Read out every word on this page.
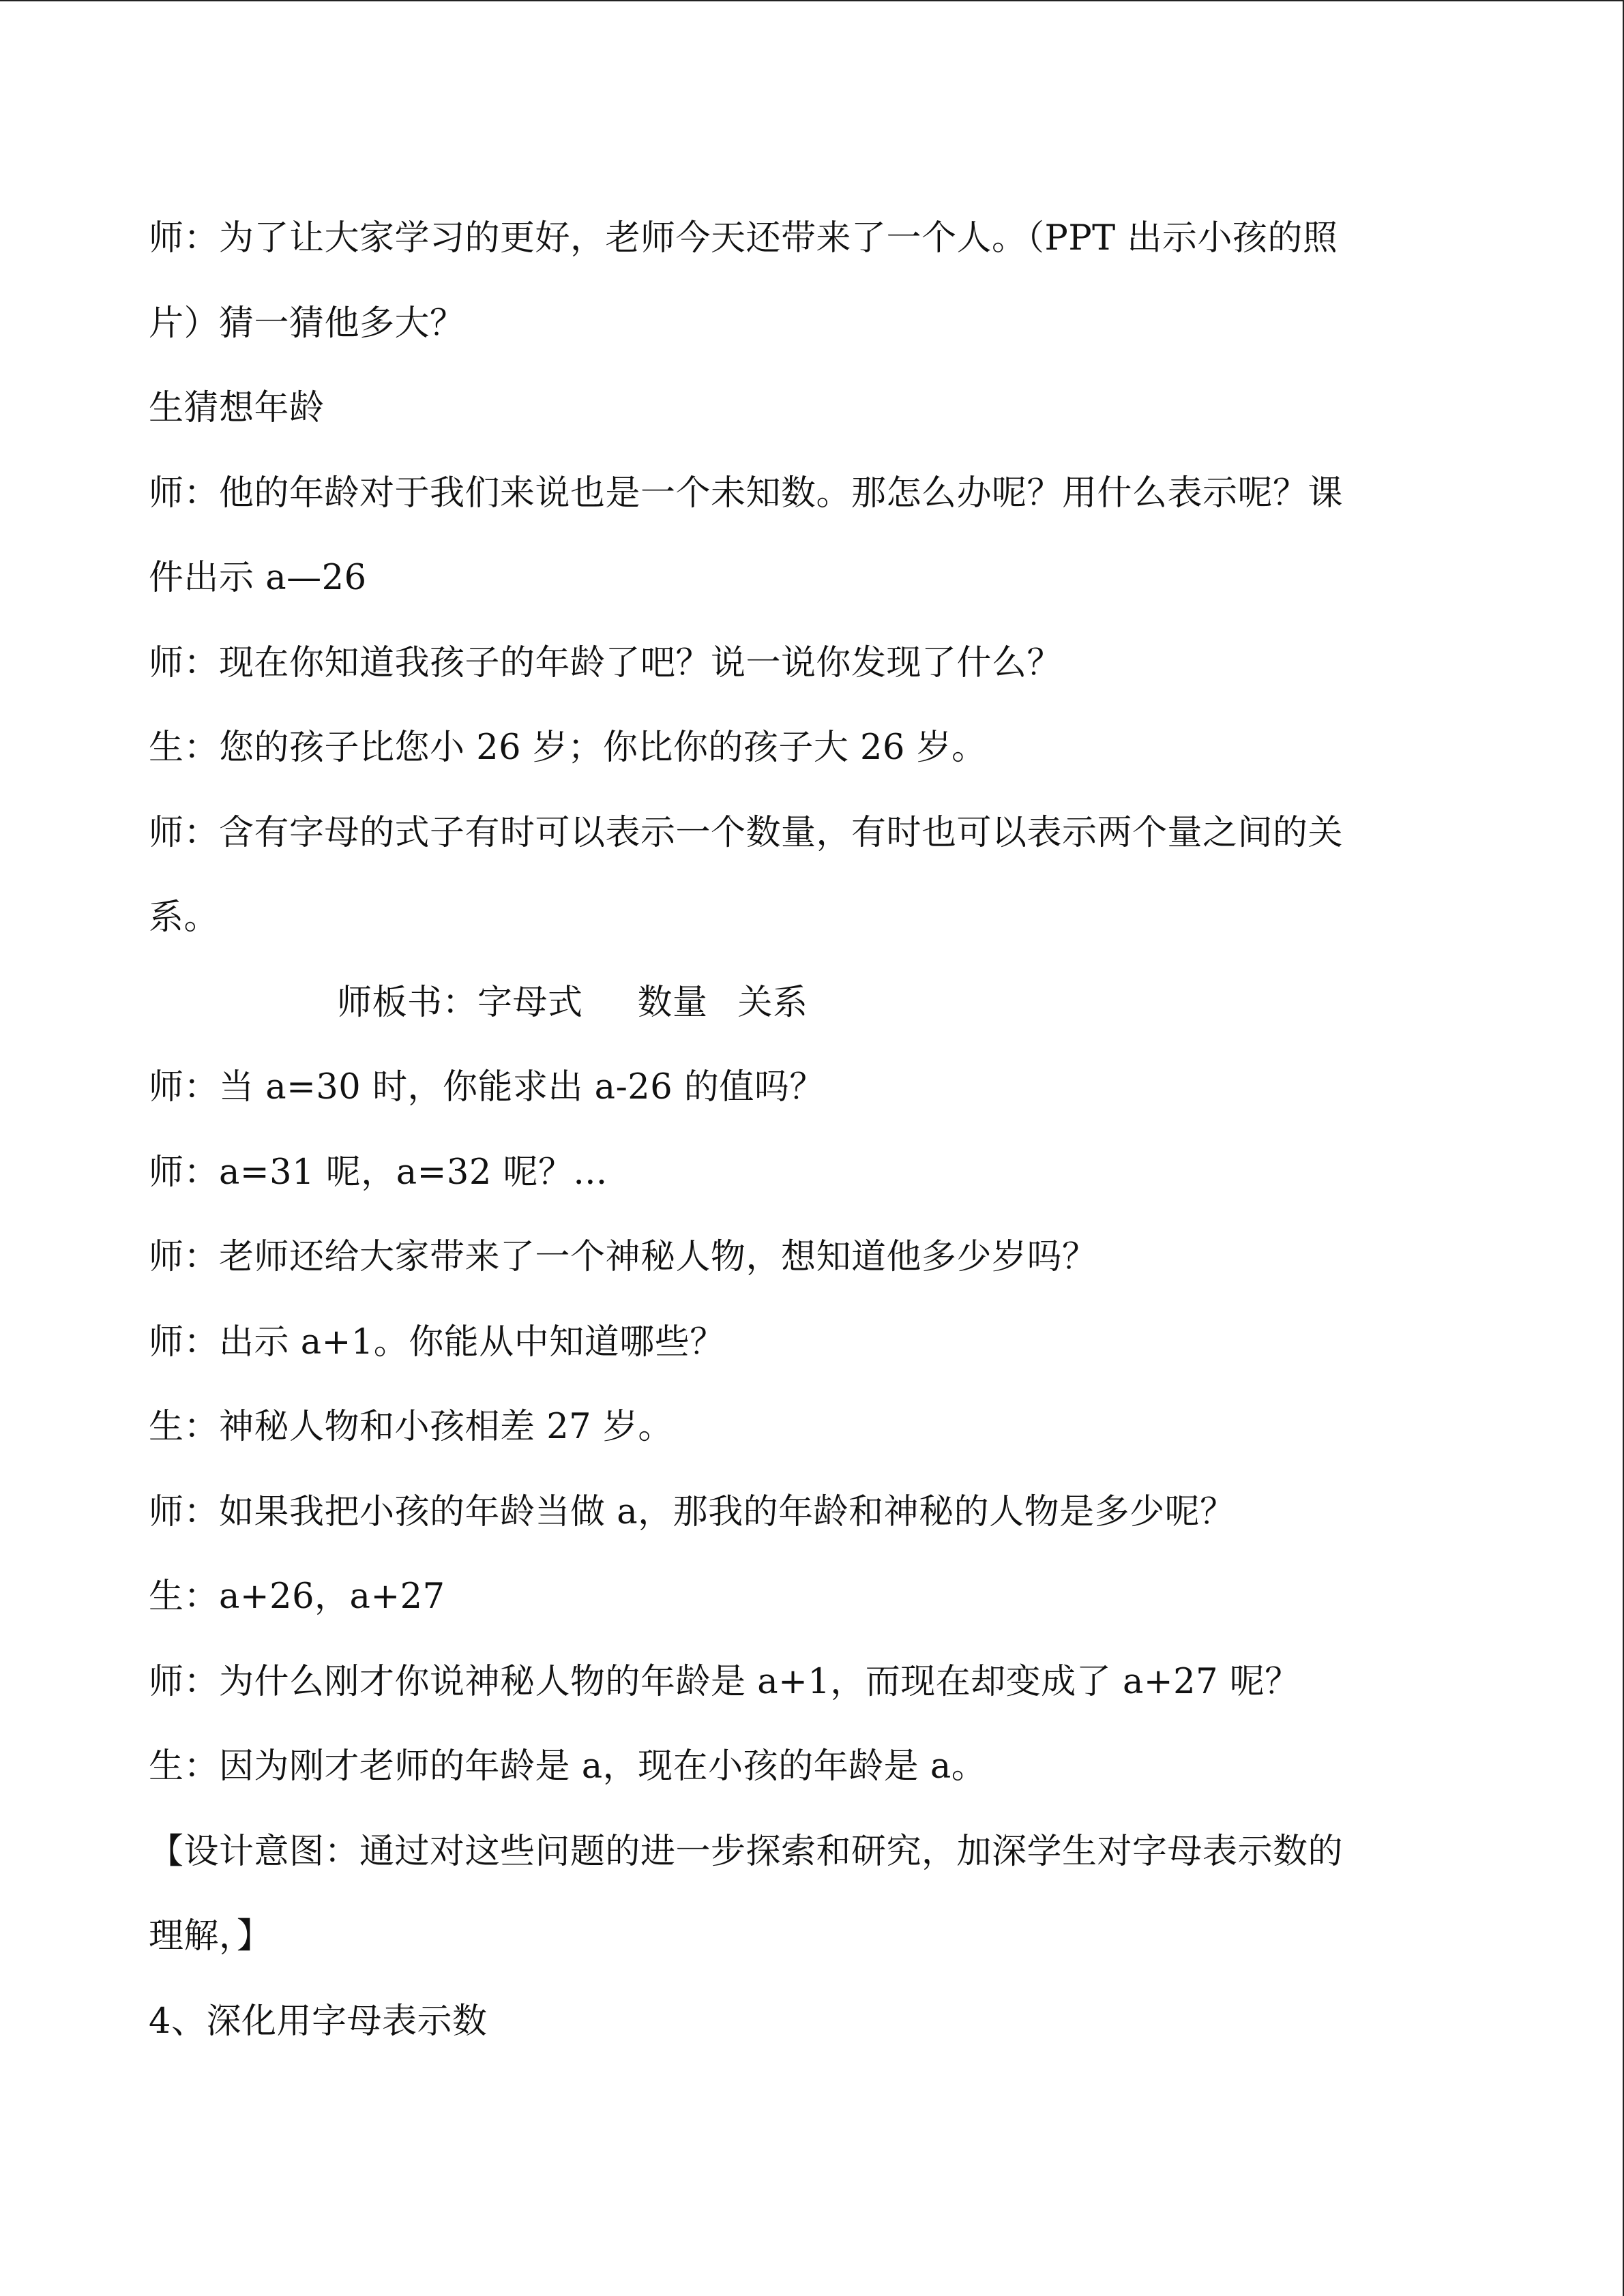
师：为了让大家学习的更好，老师今天还带来了一个人。（PPT 出示小孩的照
片）猜一猜他多大？
生猜想年龄
师：他的年龄对于我们来说也是一个未知数。那怎么办呢？用什么表示呢？课
件出示 a—26
师：现在你知道我孩子的年龄了吧？说一说你发现了什么？
生：您的孩子比您小 26 岁；你比你的孩子大 26 岁。
师：含有字母的式子有时可以表示一个数量，有时也可以表示两个量之间的关
系。
师板书：字母式 数量 关系
师：当 a=30 时，你能求出 a-26 的值吗？
师：a=31 呢，a=32 呢？...
师：老师还给大家带来了一个神秘人物，想知道他多少岁吗？
师：出示 a+1。你能从中知道哪些？
生：神秘人物和小孩相差 27 岁。
师：如果我把小孩的年龄当做 a，那我的年龄和神秘的人物是多少呢？
生：a+26，a+27
师：为什么刚才你说神秘人物的年龄是 a+1，而现在却变成了 a+27 呢？
生：因为刚才老师的年龄是 a，现在小孩的年龄是 a。
【设计意图：通过对这些问题的进一步探索和研究，加深学生对字母表示数的
理解，】
4、深化用字母表示数
